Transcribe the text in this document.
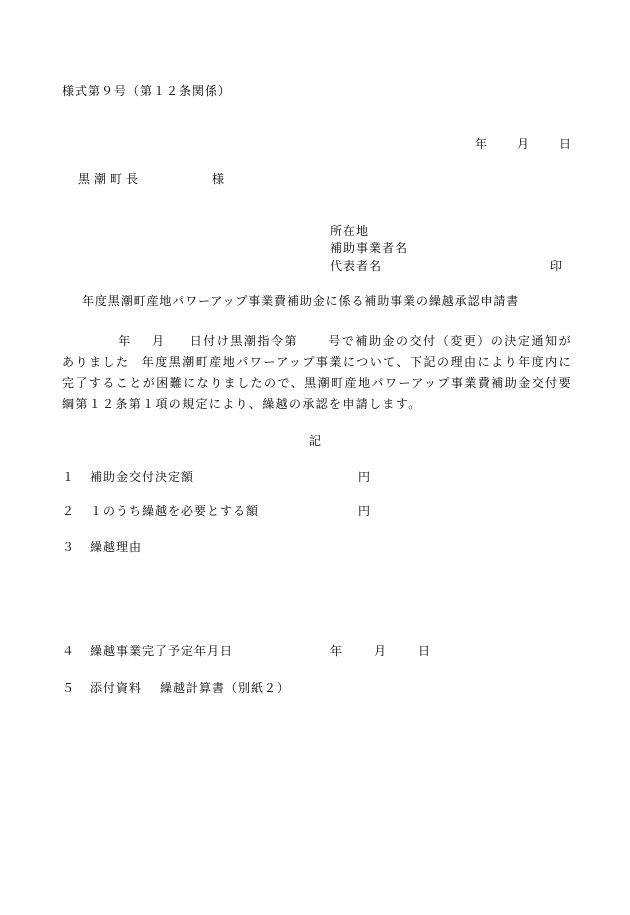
様式第９号（第１２条関係）
年 月 日
黒潮町長	様
所在地
補助事業者名
代表者名	印
年度黒潮町産地パワーアップ事業費補助金に係る補助事業の繰越承認申請書

年 月 日付け黒潮指令第	号で補助金の交付（変更）の決定通知がありました 年度黒潮町産地パワーアップ事業について、下記の理由により年度内に完了することが困難になりましたので、黒潮町産地パワーアップ事業費補助金交付要綱第１２条第１項の規定により、繰越の承認を申請します。

記
１ 補助金交付決定額	円
２ １のうち繰越を必要とする額	円
３ 繰越理由
４ 繰越事業完了予定年月日	年	月	日
５ 添付資料 繰越計算書（別紙２）
